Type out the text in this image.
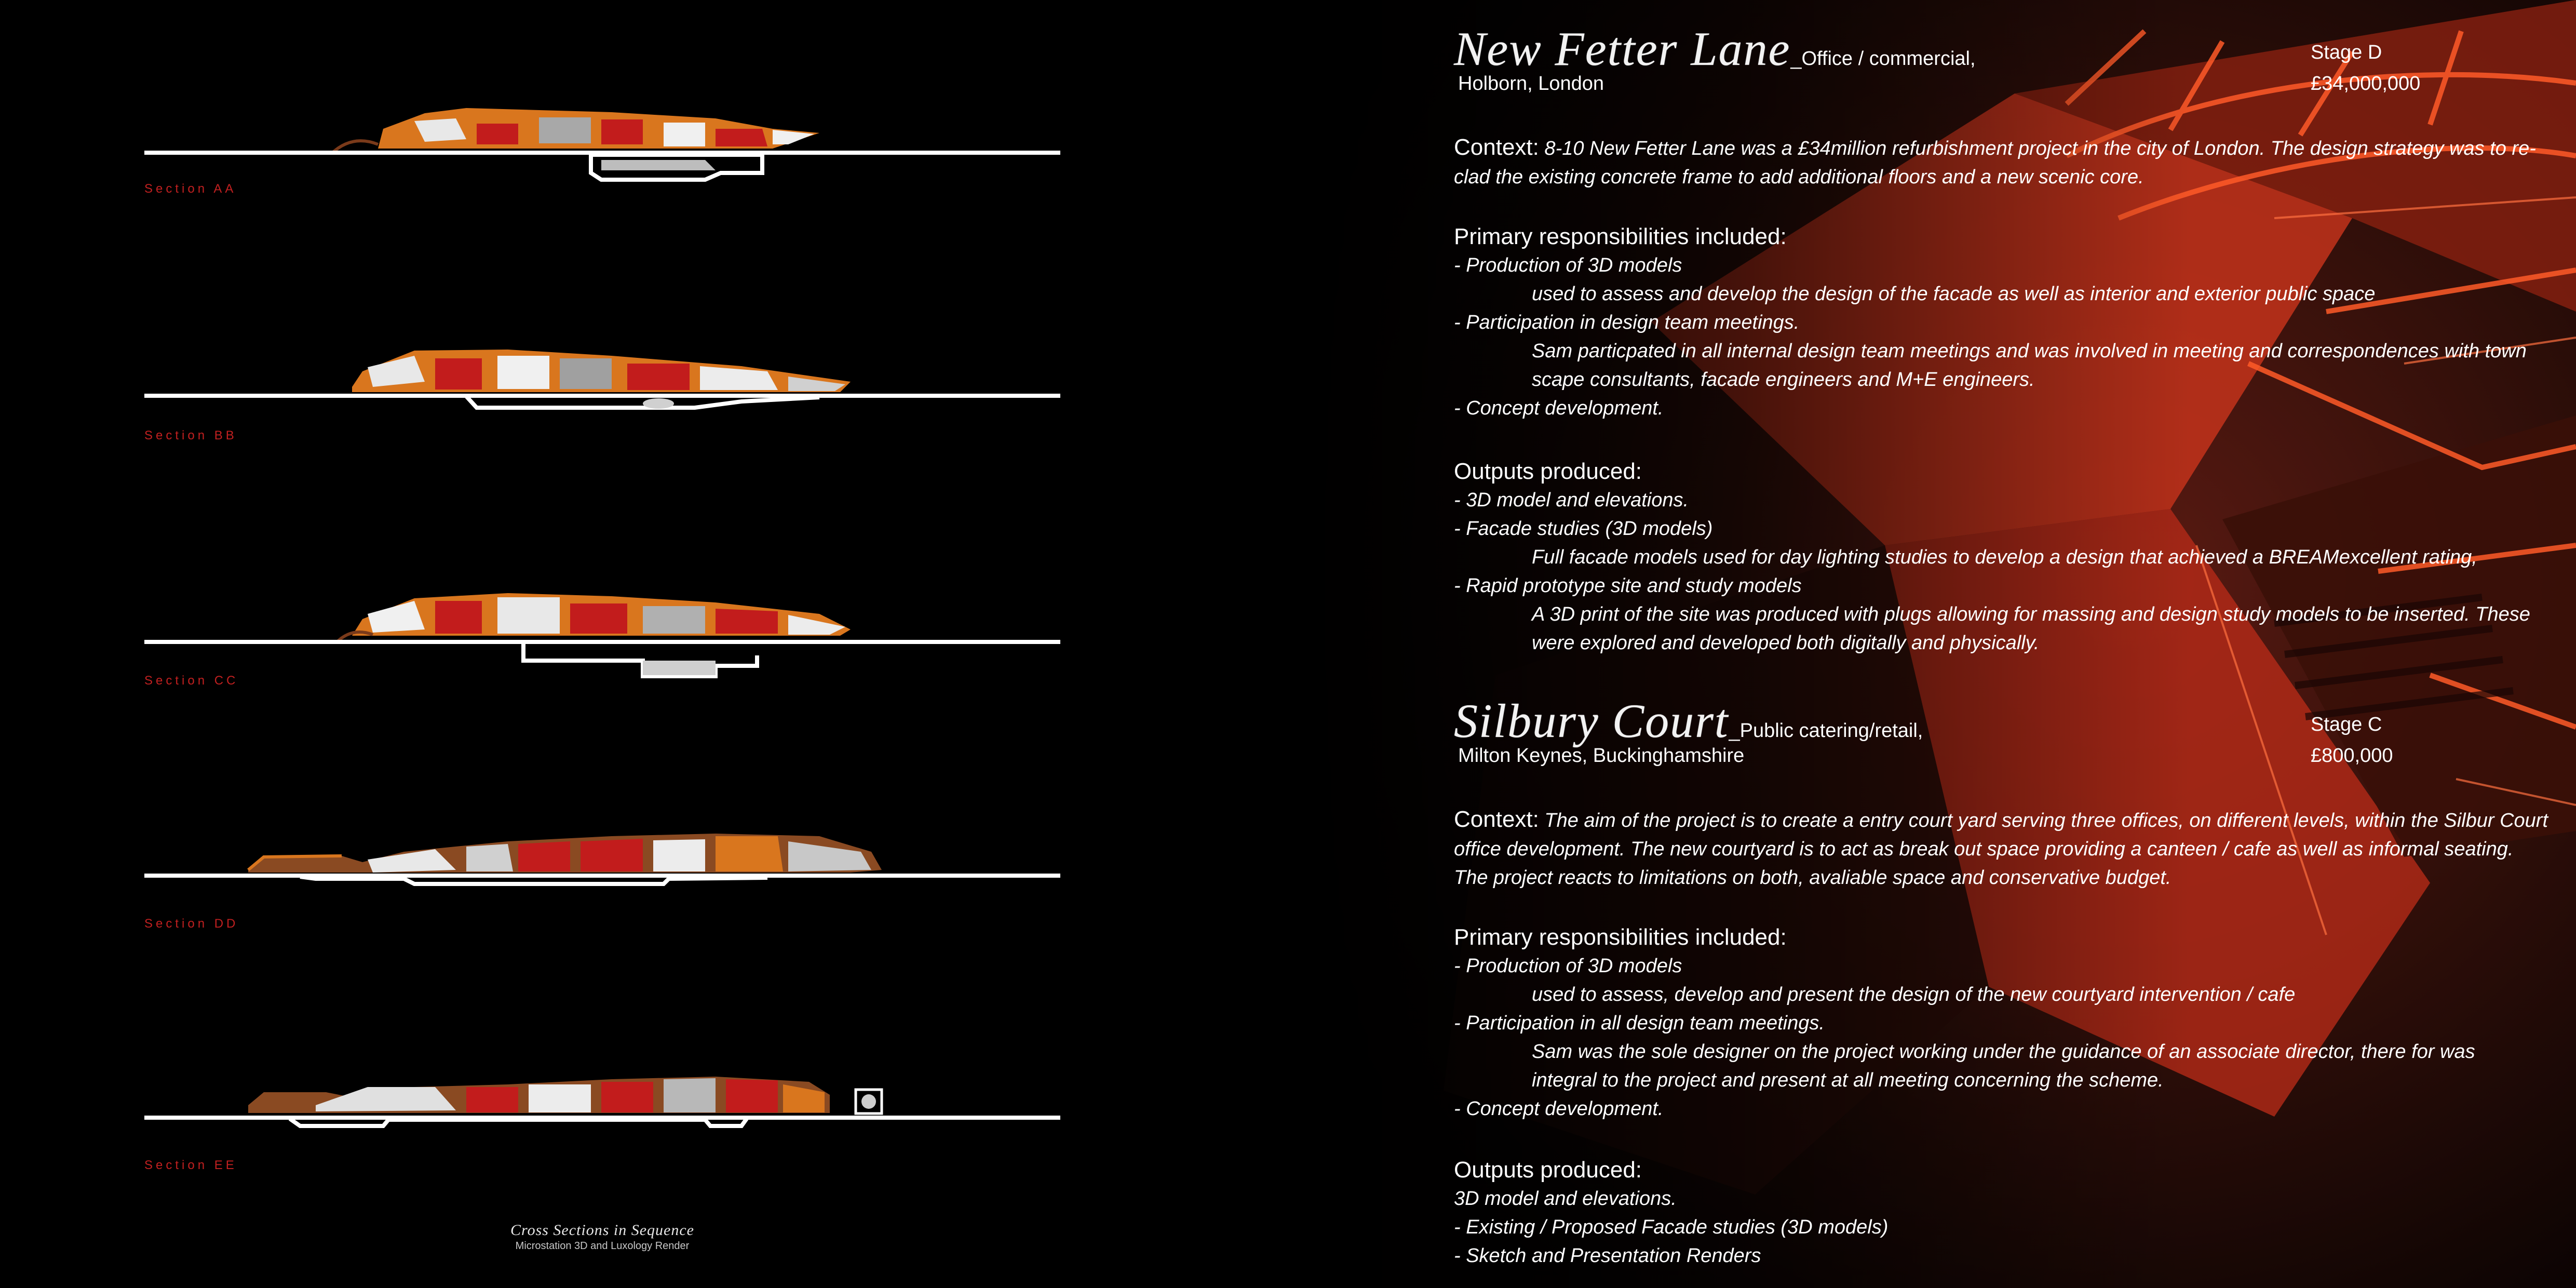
Section AA
Section BB
Section CC
Section DD
Section EE
Cross Sections in Sequence
Microstation 3D and Luxology Render
New Fetter Lane_Office / commercial,
Holborn, London
Stage D
£34,000,000
Context: 8-10 New Fetter Lane was a £34million refurbishment project in the city of London. The design strategy was to re-clad the existing concrete frame to add additional floors and a new scenic core.
Primary responsibilities included:
- Production of 3D models
used to assess and develop the design of the facade as well as interior and exterior public space
- Participation in design team meetings.
Sam particpated in all internal design team meetings and was involved in meeting and correspondences with town
scape consultants, facade engineers and M+E engineers.
- Concept development.
Outputs produced:
- 3D model and elevations.
- Facade studies (3D models)
Full facade models used for day lighting studies to develop a design that achieved a BREAMexcellent rating,
- Rapid prototype site and study models
A 3D print of the site was produced with plugs allowing for massing and design study models to be inserted. These
were explored and developed both digitally and physically.
Silbury Court_Public catering/retail,
Milton Keynes, Buckinghamshire
Stage C
£800,000
Context: The aim of the project is to create a entry court yard serving three offices, on different levels, within the Silbur Court office development. The new courtyard is to act as break out space providing a canteen / cafe as well as informal seating. The project reacts to limitations on both, avaliable space and conservative budget.
Primary responsibilities included:
- Production of 3D models
used to assess, develop and present the design of the new courtyard intervention / cafe
- Participation in all design team meetings.
Sam was the sole designer on the project working under the guidance of an associate director, there for was
integral to the project and present at all meeting concerning the scheme.
- Concept development.
Outputs produced:
3D model and elevations.
- Existing / Proposed Facade studies (3D models)
- Sketch and Presentation Renders
